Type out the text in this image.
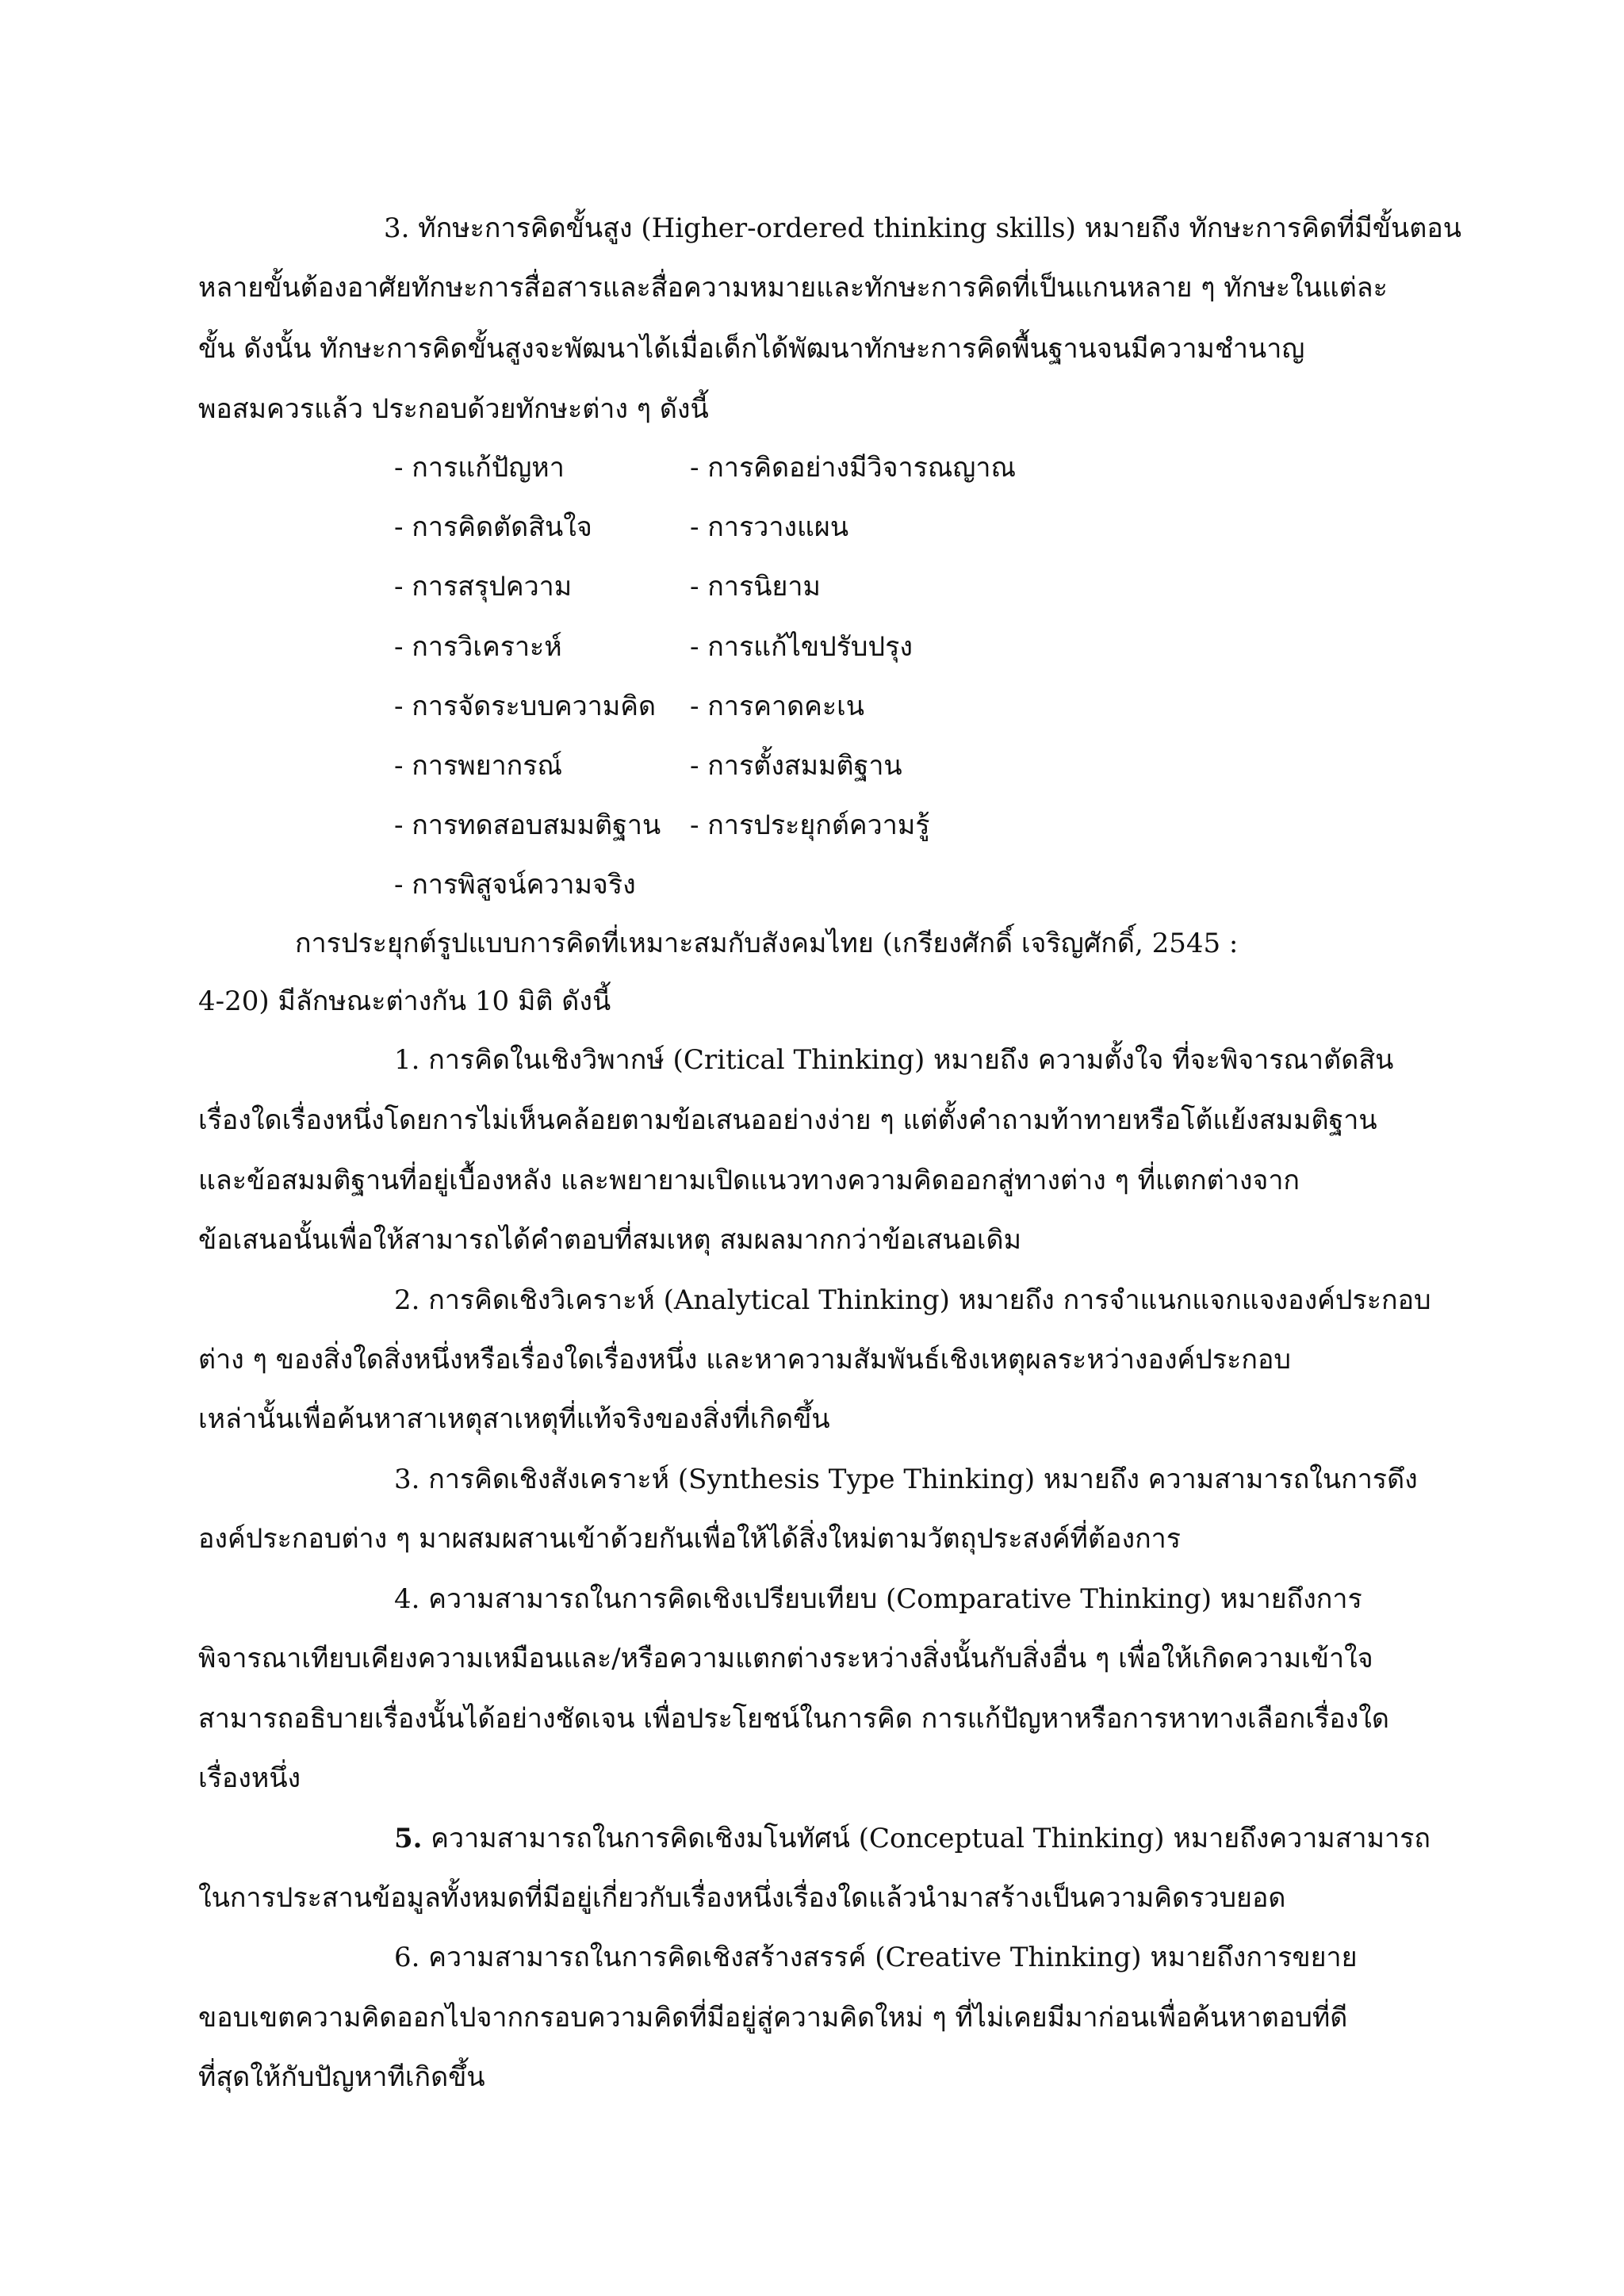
3. ทักษะการคิดขั้นสูง (Higher-ordered thinking skills) หมายถึง ทักษะการคิดที่มีขั้นตอน
หลายขั้นต้องอาศัยทักษะการสื่อสารและสื่อความหมายและทักษะการคิดที่เป็นแกนหลาย ๆ ทักษะในแต่ละ
ขั้น ดังนั้น ทักษะการคิดขั้นสูงจะพัฒนาได้เมื่อเด็กได้พัฒนาทักษะการคิดพื้นฐานจนมีความชำนาญ
พอสมควรแล้ว ประกอบด้วยทักษะต่าง ๆ ดังนี้
- การแก้ปัญหา
- การคิดตัดสินใจ
- การสรุปความ
- การวิเคราะห์
- การจัดระบบความคิด
- การพยากรณ์
- การทดสอบสมมติฐาน
- การพิสูจน์ความจริง
- การคิดอย่างมีวิจารณญาณ
- การวางแผน
- การนิยาม
- การแก้ไขปรับปรุง
- การคาดคะเน
- การตั้งสมมติฐาน
- การประยุกต์ความรู้
การประยุกต์รูปแบบการคิดที่เหมาะสมกับสังคมไทย (เกรียงศักดิ์ เจริญศักดิ์, 2545 :
4-20) มีลักษณะต่างกัน 10 มิติ ดังนี้
1. การคิดในเชิงวิพากษ์ (Critical Thinking) หมายถึง ความตั้งใจ ที่จะพิจารณาตัดสิน
เรื่องใดเรื่องหนึ่งโดยการไม่เห็นคล้อยตามข้อเสนออย่างง่าย ๆ แต่ตั้งคำถามท้าทายหรือโต้แย้งสมมติฐาน
และข้อสมมติฐานที่อยู่เบื้องหลัง และพยายามเปิดแนวทางความคิดออกสู่ทางต่าง ๆ ที่แตกต่างจาก
ข้อเสนอนั้นเพื่อให้สามารถได้คำตอบที่สมเหตุ สมผลมากกว่าข้อเสนอเดิม
2. การคิดเชิงวิเคราะห์ (Analytical Thinking) หมายถึง การจำแนกแจกแจงองค์ประกอบ
ต่าง ๆ ของสิ่งใดสิ่งหนึ่งหรือเรื่องใดเรื่องหนึ่ง และหาความสัมพันธ์เชิงเหตุผลระหว่างองค์ประกอบ
เหล่านั้นเพื่อค้นหาสาเหตุสาเหตุที่แท้จริงของสิ่งที่เกิดขึ้น
3. การคิดเชิงสังเคราะห์ (Synthesis Type Thinking) หมายถึง ความสามารถในการดึง
องค์ประกอบต่าง ๆ มาผสมผสานเข้าด้วยกันเพื่อให้ได้สิ่งใหม่ตามวัตถุประสงค์ที่ต้องการ
4. ความสามารถในการคิดเชิงเปรียบเทียบ (Comparative Thinking) หมายถึงการ
พิจารณาเทียบเคียงความเหมือนและ/หรือความแตกต่างระหว่างสิ่งนั้นกับสิ่งอื่น ๆ เพื่อให้เกิดความเข้าใจ
สามารถอธิบายเรื่องนั้นได้อย่างชัดเจน เพื่อประโยชน์ในการคิด การแก้ปัญหาหรือการหาทางเลือกเรื่องใด
เรื่องหนึ่ง
5. ความสามารถในการคิดเชิงมโนทัศน์ (Conceptual Thinking) หมายถึงความสามารถ
ในการประสานข้อมูลทั้งหมดที่มีอยู่เกี่ยวกับเรื่องหนึ่งเรื่องใดแล้วนำมาสร้างเป็นความคิดรวบยอด
6. ความสามารถในการคิดเชิงสร้างสรรค์ (Creative Thinking) หมายถึงการขยาย
ขอบเขตความคิดออกไปจากกรอบความคิดที่มีอยู่สู่ความคิดใหม่ ๆ ที่ไม่เคยมีมาก่อนเพื่อค้นหาตอบที่ดี
ที่สุดให้กับปัญหาทีเกิดขึ้น
